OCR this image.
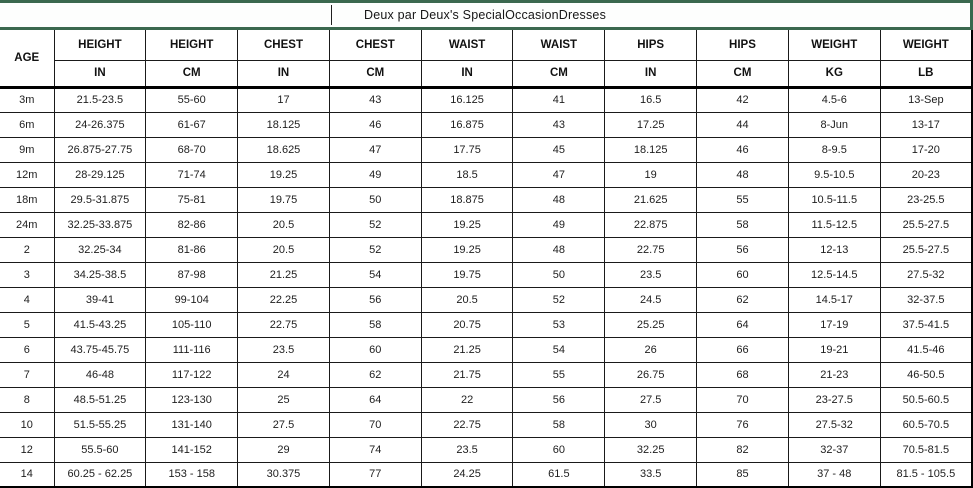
Deux par Deux's SpecialOccasionDresses
AGE	HEIGHT	HEIGHT	CHEST	CHEST	WAIST	WAIST	HIPS	HIPS	WEIGHT	WEIGHT
	IN	CM	IN	CM	IN	CM	IN	CM	KG	LB
3m	21.5-23.5	55-60	17	43	16.125	41	16.5	42	4.5-6	13-Sep
6m	24-26.375	61-67	18.125	46	16.875	43	17.25	44	8-Jun	13-17
9m	26.875-27.75	68-70	18.625	47	17.75	45	18.125	46	8-9.5	17-20
12m	28-29.125	71-74	19.25	49	18.5	47	19	48	9.5-10.5	20-23
18m	29.5-31.875	75-81	19.75	50	18.875	48	21.625	55	10.5-11.5	23-25.5
24m	32.25-33.875	82-86	20.5	52	19.25	49	22.875	58	11.5-12.5	25.5-27.5
2	32.25-34	81-86	20.5	52	19.25	48	22.75	56	12-13	25.5-27.5
3	34.25-38.5	87-98	21.25	54	19.75	50	23.5	60	12.5-14.5	27.5-32
4	39-41	99-104	22.25	56	20.5	52	24.5	62	14.5-17	32-37.5
5	41.5-43.25	105-110	22.75	58	20.75	53	25.25	64	17-19	37.5-41.5
6	43.75-45.75	111-116	23.5	60	21.25	54	26	66	19-21	41.5-46
7	46-48	117-122	24	62	21.75	55	26.75	68	21-23	46-50.5
8	48.5-51.25	123-130	25	64	22	56	27.5	70	23-27.5	50.5-60.5
10	51.5-55.25	131-140	27.5	70	22.75	58	30	76	27.5-32	60.5-70.5
12	55.5-60	141-152	29	74	23.5	60	32.25	82	32-37	70.5-81.5
14	60.25 - 62.25	153 - 158	30.375	77	24.25	61.5	33.5	85	37 - 48	81.5 - 105.5
